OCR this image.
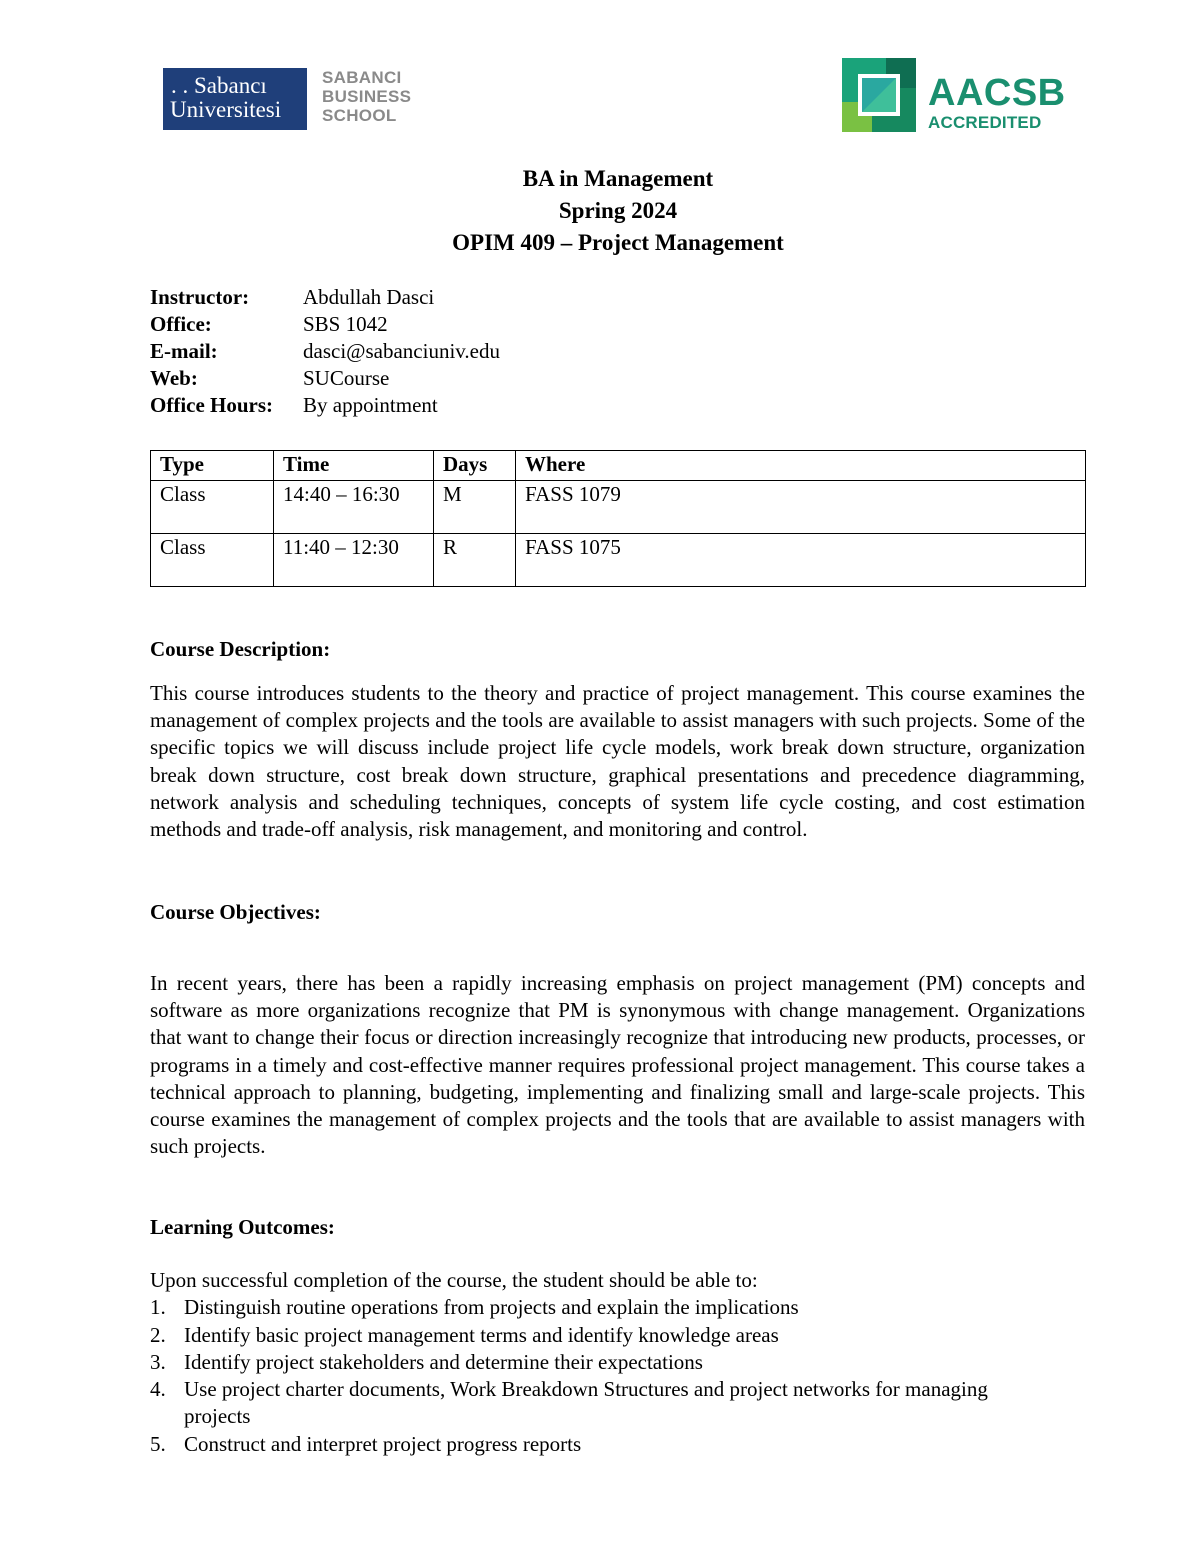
. . Sabancı
Universitesi
SABANCI
BUSINESS
SCHOOL
AACSB
ACCREDITED
BA in Management
Spring 2024
OPIM 409 – Project Management
Instructor:	Abdullah Dasci
Office:	SBS 1042
E-mail:	dasci@sabanciuniv.edu
Web:	SUCourse
Office Hours:	By appointment
Type	Time	Days	Where
Class	14:40 – 16:30	M	FASS 1079
Class	11:40 – 12:30	R	FASS 1075
Course Description:
This course introduces students to the theory and practice of project management. This course examines the management of complex projects and the tools are available to assist managers with such projects. Some of the specific topics we will discuss include project life cycle models, work break down structure, organization break down structure, cost break down structure, graphical presentations and precedence diagramming, network analysis and scheduling techniques, concepts of system life cycle costing, and cost estimation methods and trade-off analysis, risk management, and monitoring and control.
Course Objectives:
In recent years, there has been a rapidly increasing emphasis on project management (PM) concepts and software as more organizations recognize that PM is synonymous with change management. Organizations that want to change their focus or direction increasingly recognize that introducing new products, processes, or programs in a timely and cost-effective manner requires professional project management. This course takes a technical approach to planning, budgeting, implementing and finalizing small and large-scale projects. This course examines the management of complex projects and the tools that are available to assist managers with such projects.
Learning Outcomes:
Upon successful completion of the course, the student should be able to:
1. Distinguish routine operations from projects and explain the implications
2. Identify basic project management terms and identify knowledge areas
3. Identify project stakeholders and determine their expectations
4. Use project charter documents, Work Breakdown Structures and project networks for managing projects
5. Construct and interpret project progress reports
